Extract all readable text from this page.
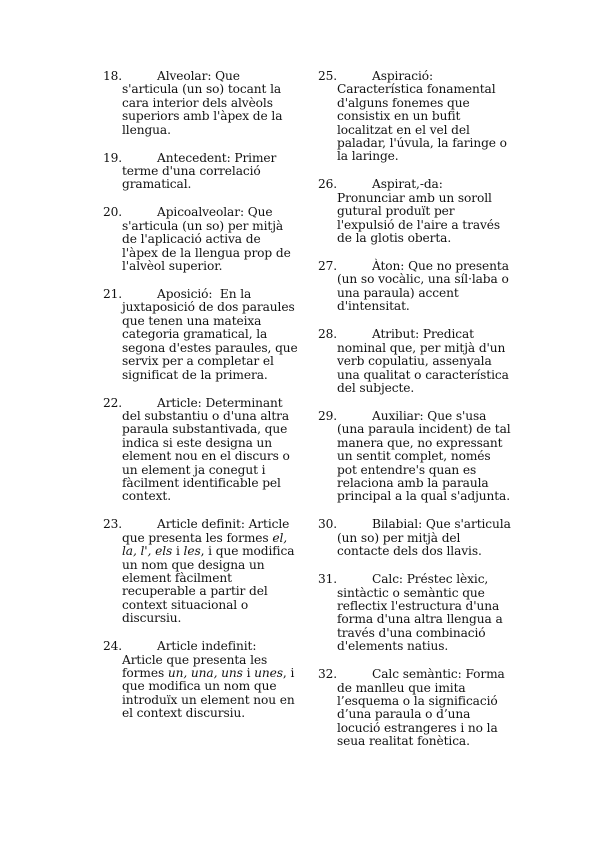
18.	Alveolar: Que
s'articula (un so) tocant la cara interior dels alvèols superiors amb l'àpex de la llengua.
19.	Antecedent: Primer
terme d'una correlació gramatical.
20.	Apicoalveolar: Que
s'articula (un so) per mitjà de l'aplicació activa de l'àpex de la llengua prop de l'alvèol superior.
21.	Aposició:  En la
juxtaposició de dos paraules que tenen una mateixa categoria gramatical, la segona d'estes paraules, que servix per a completar el significat de la primera.
22.	Article: Determinant
del substantiu o d'una altra paraula substantivada, que indica si este designa un element nou en el discurs o un element ja conegut i fàcilment identificable pel context.
23.	Article definit: Article
que presenta les formes el, la, l', els i les, i que modifica un nom que designa un element fàcilment recuperable a partir del context situacional o discursiu.
24.	Article indefinit:
Article que presenta les formes un, una, uns i unes, i que modifica un nom que introduïx un element nou en el context discursiu.
25.	Aspiració:
Característica fonamental d'alguns fonemes que consistix en un bufit localitzat en el vel del paladar, l'úvula, la faringe o la laringe.
26.	Aspirat,-da:
Pronunciar amb un soroll gutural produït per l'expulsió de l'aire a través de la glotis oberta.
27.	Àton: Que no presenta
(un so vocàlic, una síl·laba o una paraula) accent d'intensitat.
28.	Atribut: Predicat
nominal que, per mitjà d'un verb copulatiu, assenyala una qualitat o característica del subjecte.
29.	Auxiliar: Que s'usa
(una paraula incident) de tal manera que, no expressant un sentit complet, només pot entendre's quan es relaciona amb la paraula principal a la qual s'adjunta.
30.	Bilabial: Que s'articula
(un so) per mitjà del contacte dels dos llavis.
31.	Calc: Préstec lèxic,
sintàctic o semàntic que reflectix l'estructura d'una forma d'una altra llengua a través d'una combinació d'elements natius.
32.	Calc semàntic: Forma
de manlleu que imita l’esquema o la significació d’una paraula o d’una locució estrangeres i no la seua realitat fonètica.
